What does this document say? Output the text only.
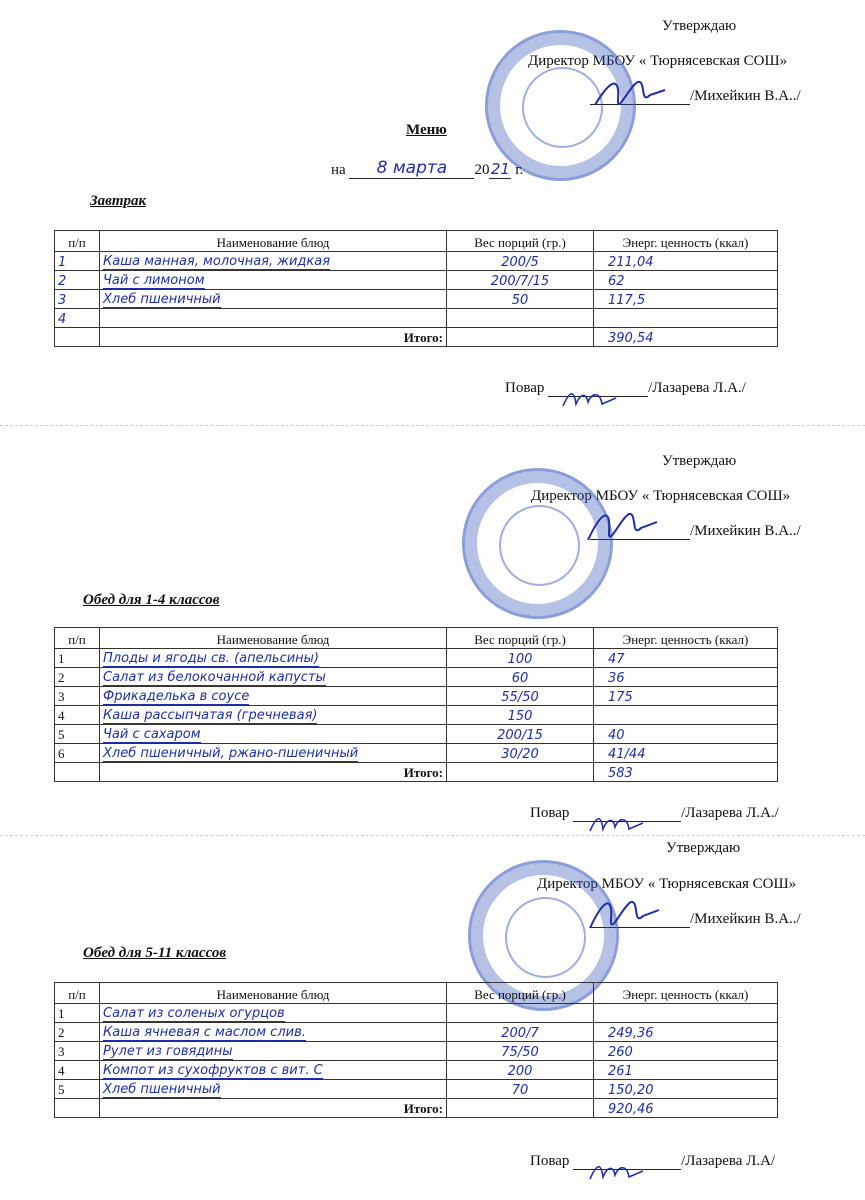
Утверждаю
Директор МБОУ « Тюрнясевская СОШ»
/Михейкин В.А../
Меню
на 8 марта 2021 г.
Завтрак
п/п	Наименование блюд	Вес порций (гр.)	Энерг. ценность (ккал)
1	Каша манная, молочная, жидкая	200/5	211,04
2	Чай с лимоном	200/7/15	62
3	Хлеб пшеничный	50	117,5
4			
	Итого:		390,54
Повар	/Лазарева Л.А./
Утверждаю
Директор МБОУ « Тюрнясевская СОШ»
/Михейкин В.А../
Обед для 1-4 классов
п/п	Наименование блюд	Вес порций (гр.)	Энерг. ценность (ккал)
1	Плоды и ягоды св. (апельсины)	100	47
2	Салат из белокочанной капусты	60	36
3	Фрикаделька в соусе	55/50	175
4	Каша рассыпчатая (гречневая)	150	
5	Чай с сахаром	200/15	40
6	Хлеб пшеничный, ржано-пшеничный	30/20	41/44
	Итого:		583
Повар	/Лазарева Л.А./
Утверждаю
Директор МБОУ « Тюрнясевская СОШ»
/Михейкин В.А../
Обед для 5-11 классов
п/п	Наименование блюд	Вес порций (гр.)	Энерг. ценность (ккал)
1	Салат из соленых огурцов		
2	Каша ячневая с маслом слив.	200/7	249,36
3	Рулет из говядины	75/50	260
4	Компот из сухофруктов с вит. С	200	261
5	Хлеб пшеничный	70	150,20
	Итого:		920,46
Повар	/Лазарева Л.А/
